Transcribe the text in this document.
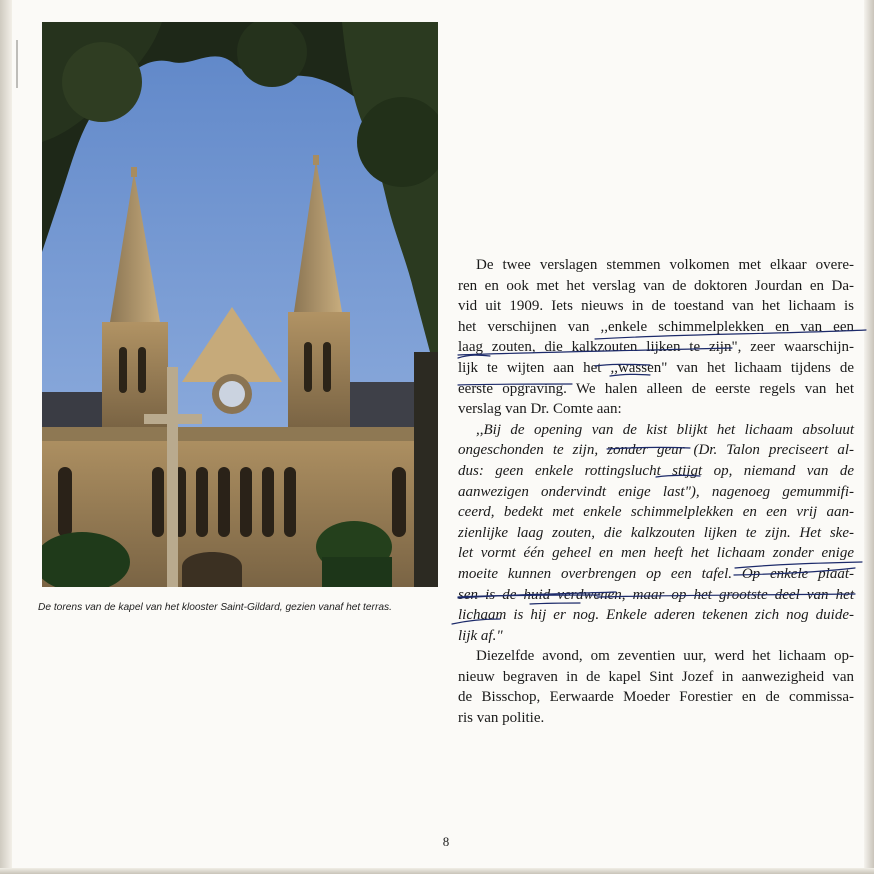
De torens van de kapel van het klooster Saint-Gildard, gezien vanaf het terras.

De twee verslagen stemmen volkomen met elkaar overe-
ren en ook met het verslag van de doktoren Jourdan en Da-
vid uit 1909. Iets nieuws in de toestand van het lichaam is
het verschijnen van ,,enkele schimmelplekken en van een
laag zouten, die kalkzouten lijken te zijn", zeer waarschijn-
lijk te wijten aan het ,,wassen" van het lichaam tijdens de
eerste opgraving. We halen alleen de eerste regels van het
verslag van Dr. Comte aan:

,,Bij de opening van de kist blijkt het lichaam absoluut
ongeschonden te zijn, zonder geur (Dr. Talon preciseert al-
dus: geen enkele rottingslucht stijgt op, niemand van de
aanwezigen ondervindt enige last"), nagenoeg gemummifi-
ceerd, bedekt met enkele schimmelplekken en een vrij aan-
zienlijke laag zouten, die kalkzouten lijken te zijn. Het ske-
let vormt één geheel en men heeft het lichaam zonder enige
moeite kunnen overbrengen op een tafel. Op enkele plaat-
sen is de huid verdwenen, maar op het grootste deel van het
lichaam is hij er nog. Enkele aderen tekenen zich nog duide-
lijk af."

Diezelfde avond, om zeventien uur, werd het lichaam op-
nieuw begraven in de kapel Sint Jozef in aanwezigheid van
de Bisschop, Eerwaarde Moeder Forestier en de commissa-
ris van politie.

8
